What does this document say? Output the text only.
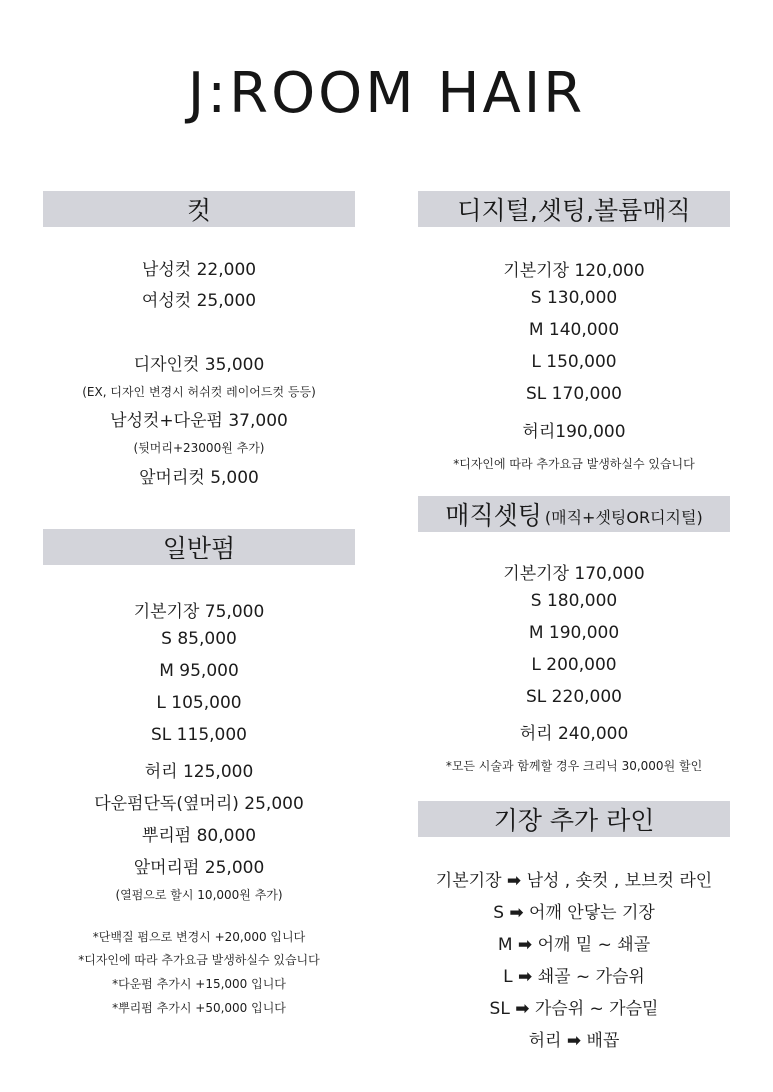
J:ROOM HAIR
컷
남성컷 22,000
여성컷 25,000
디자인컷 35,000
(EX, 디자인 변경시 허쉬컷 레이어드컷 등등)
남성컷+다운펌 37,000
(뒷머리+23000원 추가)
앞머리컷 5,000
일반펌
기본기장 75,000
S 85,000
M 95,000
L 105,000
SL 115,000
허리 125,000
다운펌단독(옆머리) 25,000
뿌리펌 80,000
앞머리펌 25,000
(열펌으로 할시 10,000원 추가)
*단백질 펌으로 변경시 +20,000 입니다
*디자인에 따라 추가요금 발생하실수 있습니다
*다운펌 추가시 +15,000 입니다
*뿌리펌 추가시 +50,000 입니다
디지털,셋팅,볼륨매직
기본기장 120,000
S 130,000
M 140,000
L 150,000
SL 170,000
허리190,000
*디자인에 따라 추가요금 발생하실수 있습니다
매직셋팅 (매직+셋팅OR디지털)
기본기장 170,000
S 180,000
M 190,000
L 200,000
SL 220,000
허리 240,000
*모든 시술과 함께할 경우 크리닉 30,000원 할인
기장 추가 라인
기본기장 ➡ 남성 , 숏컷 , 보브컷 라인
S ➡ 어깨 안닿는 기장
M ➡ 어깨 밑 ~ 쇄골
L ➡ 쇄골 ~ 가슴위
SL ➡ 가슴위 ~ 가슴밑
허리 ➡ 배꼽
